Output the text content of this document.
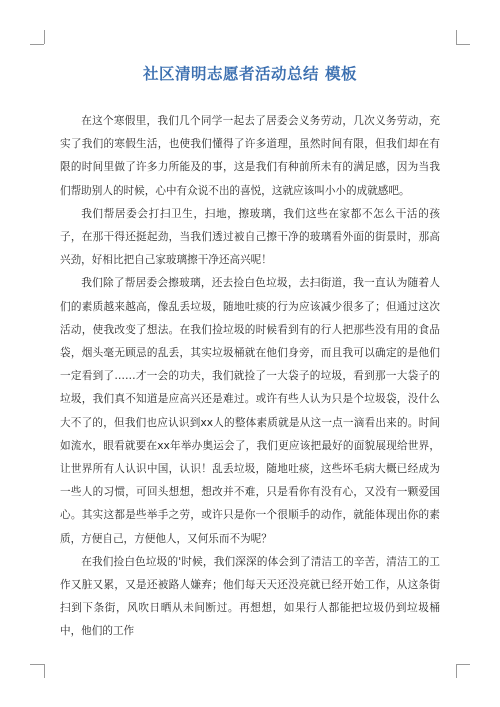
社区清明志愿者活动总结 模板

在这个寒假里，我们几个同学一起去了居委会义务劳动，几次义务劳动，充实了我们的寒假生活，也使我们懂得了许多道理，虽然时间有限，但我们却在有限的时间里做了许多力所能及的事，这是我们有种前所未有的满足感，因为当我们帮助别人的时候，心中有众说不出的喜悦，这就应该叫小小的成就感吧。

我们帮居委会打扫卫生，扫地，擦玻璃，我们这些在家都不怎么干活的孩子，在那干得还挺起劲，当我们透过被自己擦干净的玻璃看外面的街景时，那高兴劲，好相比把自己家玻璃擦干净还高兴呢！

我们除了帮居委会擦玻璃，还去捡白色垃圾，去扫街道，我一直认为随着人们的素质越来越高，像乱丢垃圾，随地吐痰的行为应该减少很多了；但通过这次活动，使我改变了想法。在我们捡垃圾的时候看到有的行人把那些没有用的食品袋，烟头毫无顾忌的乱丢，其实垃圾桶就在他们身旁，而且我可以确定的是他们一定看到了……才一会的功夫，我们就捡了一大袋子的垃圾，看到那一大袋子的垃圾，我们真不知道是应高兴还是难过。或许有些人认为只是个垃圾袋，没什么大不了的，但我们也应认识到xx人的整体素质就是从这一点一滴看出来的。时间如流水，眼看就要在xx年举办奥运会了，我们更应该把最好的面貌展现给世界，让世界所有人认识中国，认识！乱丢垃圾，随地吐痰，这些坏毛病大概已经成为一些人的习惯，可回头想想，想改并不难，只是看你有没有心，又没有一颗爱国心。其实这都是些举手之劳，或许只是你一个很顺手的动作，就能体现出你的素质，方便自己，方便他人，又何乐而不为呢？

在我们捡白色垃圾的'时候，我们深深的体会到了清洁工的辛苦，清洁工的工作又脏又累，又是还被路人嫌弃；他们每天天还没亮就已经开始工作，从这条街扫到下条街，风吹日晒从未间断过。再想想，如果行人都能把垃圾仍到垃圾桶中，他们的工作
